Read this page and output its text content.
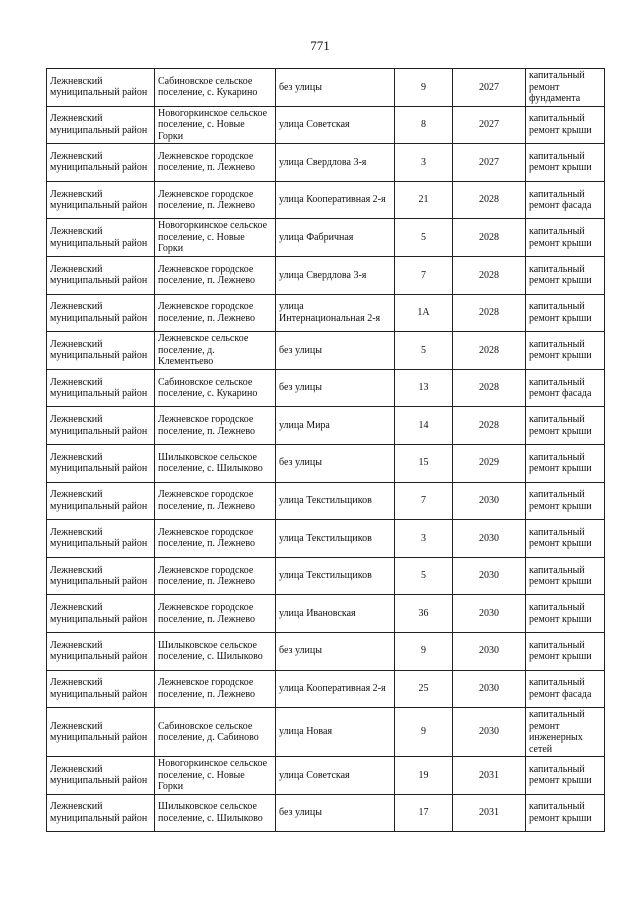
771
Лежневский муниципальный район	Сабиновское сельское поселение, с. Кукарино	без улицы	9	2027	капитальный ремонт фундамента
Лежневский муниципальный район	Новогоркинское сельское поселение, с. Новые Горки	улица Советская	8	2027	капитальный ремонт крыши
Лежневский муниципальный район	Лежневское городское поселение, п. Лежнево	улица Свердлова 3-я	3	2027	капитальный ремонт крыши
Лежневский муниципальный район	Лежневское городское поселение, п. Лежнево	улица Кооперативная 2-я	21	2028	капитальный ремонт фасада
Лежневский муниципальный район	Новогоркинское сельское поселение, с. Новые Горки	улица Фабричная	5	2028	капитальный ремонт крыши
Лежневский муниципальный район	Лежневское городское поселение, п. Лежнево	улица Свердлова 3-я	7	2028	капитальный ремонт крыши
Лежневский муниципальный район	Лежневское городское поселение, п. Лежнево	улица Интернациональная 2-я	1А	2028	капитальный ремонт крыши
Лежневский муниципальный район	Лежневское сельское поселение, д. Клементьево	без улицы	5	2028	капитальный ремонт крыши
Лежневский муниципальный район	Сабиновское сельское поселение, с. Кукарино	без улицы	13	2028	капитальный ремонт фасада
Лежневский муниципальный район	Лежневское городское поселение, п. Лежнево	улица Мира	14	2028	капитальный ремонт крыши
Лежневский муниципальный район	Шилыковское сельское поселение, с. Шилыково	без улицы	15	2029	капитальный ремонт крыши
Лежневский муниципальный район	Лежневское городское поселение, п. Лежнево	улица Текстильщиков	7	2030	капитальный ремонт крыши
Лежневский муниципальный район	Лежневское городское поселение, п. Лежнево	улица Текстильщиков	3	2030	капитальный ремонт крыши
Лежневский муниципальный район	Лежневское городское поселение, п. Лежнево	улица Текстильщиков	5	2030	капитальный ремонт крыши
Лежневский муниципальный район	Лежневское городское поселение, п. Лежнево	улица Ивановская	36	2030	капитальный ремонт крыши
Лежневский муниципальный район	Шилыковское сельское поселение, с. Шилыково	без улицы	9	2030	капитальный ремонт крыши
Лежневский муниципальный район	Лежневское городское поселение, п. Лежнево	улица Кооперативная 2-я	25	2030	капитальный ремонт фасада
Лежневский муниципальный район	Сабиновское сельское поселение, д. Сабиново	улица Новая	9	2030	капитальный ремонт инженерных сетей
Лежневский муниципальный район	Новогоркинское сельское поселение, с. Новые Горки	улица Советская	19	2031	капитальный ремонт крыши
Лежневский муниципальный район	Шилыковское сельское поселение, с. Шилыково	без улицы	17	2031	капитальный ремонт крыши
